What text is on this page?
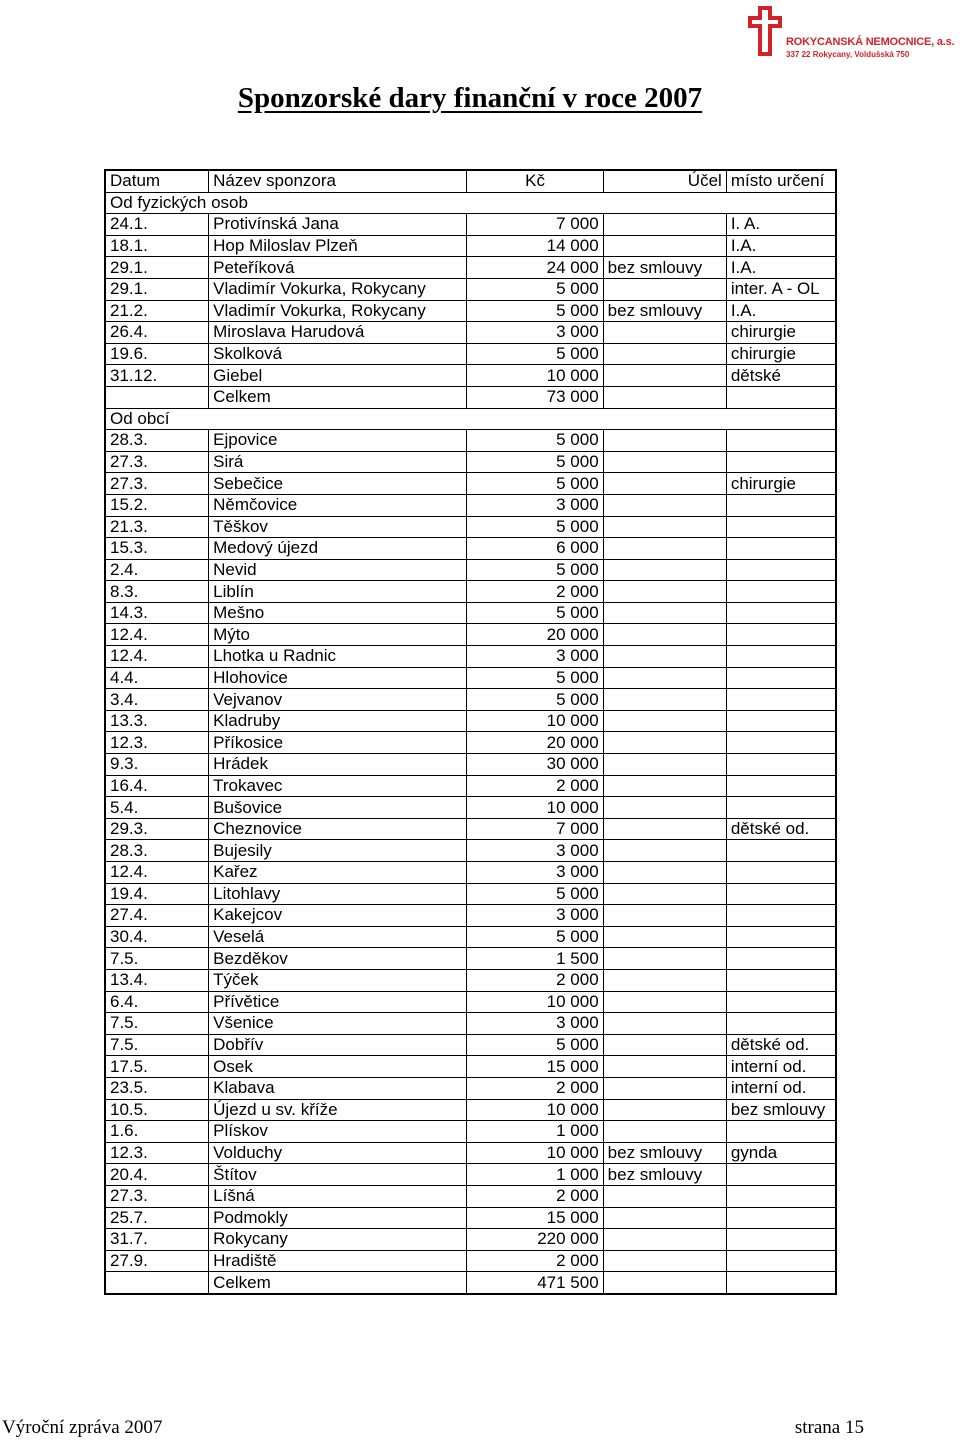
ROKYCANSKÁ NEMOCNICE, a.s.
337 22 Rokycany, Voldušská 750
Sponzorské dary finanční v roce 2007
Datum	Název sponzora	Kč	Účel	místo určení
Od fyzických osob				
24.1.	Protivínská Jana	7 000		I. A.
18.1.	Hop Miloslav Plzeň	14 000		I.A.
29.1.	Peteříková	24 000	bez smlouvy	I.A.
29.1.	Vladimír Vokurka, Rokycany	5 000		inter. A - OL
21.2.	Vladimír Vokurka, Rokycany	5 000	bez smlouvy	I.A.
26.4.	Miroslava Harudová	3 000		chirurgie
19.6.	Skolková	5 000		chirurgie
31.12.	Giebel	10 000		dětské
	Celkem	73 000		
Od obcí				
28.3.	Ejpovice	5 000		
27.3.	Sirá	5 000		
27.3.	Sebečice	5 000		chirurgie
15.2.	Němčovice	3 000		
21.3.	Těškov	5 000		
15.3.	Medový újezd	6 000		
2.4.	Nevid	5 000		
8.3.	Liblín	2 000		
14.3.	Mešno	5 000		
12.4.	Mýto	20 000		
12.4.	Lhotka u Radnic	3 000		
4.4.	Hlohovice	5 000		
3.4.	Vejvanov	5 000		
13.3.	Kladruby	10 000		
12.3.	Příkosice	20 000		
9.3.	Hrádek	30 000		
16.4.	Trokavec	2 000		
5.4.	Bušovice	10 000		
29.3.	Cheznovice	7 000		dětské od.
28.3.	Bujesily	3 000		
12.4.	Kařez	3 000		
19.4.	Litohlavy	5 000		
27.4.	Kakejcov	3 000		
30.4.	Veselá	5 000		
7.5.	Bezděkov	1 500		
13.4.	Týček	2 000		
6.4.	Přívětice	10 000		
7.5.	Všenice	3 000		
7.5.	Dobřív	5 000		dětské od.
17.5.	Osek	15 000		interní od.
23.5.	Klabava	2 000		interní od.
10.5.	Újezd u sv. kříže	10 000		bez smlouvy
1.6.	Plískov	1 000		
12.3.	Volduchy	10 000	bez smlouvy	gynda
20.4.	Štítov	1 000	bez smlouvy	
27.3.	Líšná	2 000		
25.7.	Podmokly	15 000		
31.7.	Rokycany	220 000		
27.9.	Hradiště	2 000		
	Celkem	471 500		
Výroční zpráva 2007	strana 15
